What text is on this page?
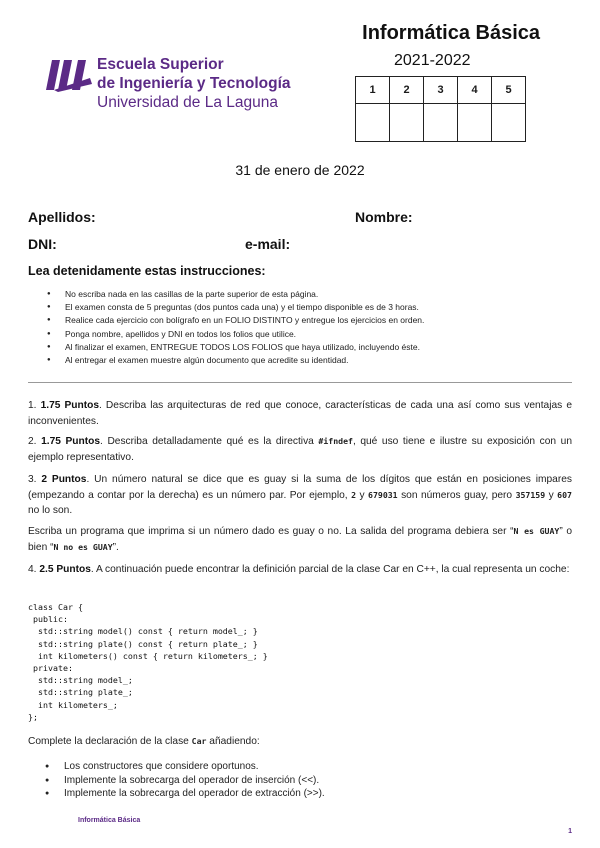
Escuela Superior
de Ingeniería y Tecnología
Universidad de La Laguna
Informática Básica
2021-2022
1	2	3	4	5

31 de enero de 2022
Apellidos:	Nombre:
DNI:	e-mail:
Lea detenidamente estas instrucciones:
● No escriba nada en las casillas de la parte superior de esta página.
● El examen consta de 5 preguntas (dos puntos cada una) y el tiempo disponible es de 3 horas.
● Realice cada ejercicio con bolígrafo en un FOLIO DISTINTO y entregue los ejercicios en orden.
● Ponga nombre, apellidos y DNI en todos los folios que utilice.
● Al finalizar el examen, ENTREGUE TODOS LOS FOLIOS que haya utilizado, incluyendo éste.
● Al entregar el examen muestre algún documento que acredite su identidad.
1. 1.75 Puntos. Describa las arquitecturas de red que conoce, características de cada una así como sus ventajas e inconvenientes.
2. 1.75 Puntos. Describa detalladamente qué es la directiva #ifndef, qué uso tiene e ilustre su exposición con un ejemplo representativo.
3. 2 Puntos. Un número natural se dice que es guay si la suma de los dígitos que están en posiciones impares (empezando a contar por la derecha) es un número par. Por ejemplo, 2 y 679031 son números guay, pero 357159 y 607 no lo son.
Escriba un programa que imprima si un número dado es guay o no. La salida del programa debiera ser “N es GUAY” o bien “N no es GUAY”.
4. 2.5 Puntos. A continuación puede encontrar la definición parcial de la clase Car en C++, la cual representa un coche:
class Car {
public:
std::string model() const { return model_; }
std::string plate() const { return plate_; }
int kilometers() const { return kilometers_; }
private:
std::string model_;
std::string plate_;
int kilometers_;
};
Complete la declaración de la clase Car añadiendo:
● Los constructores que considere oportunos.
● Implemente la sobrecarga del operador de inserción (<<).
● Implemente la sobrecarga del operador de extracción (>>).
Informática Básica
1
